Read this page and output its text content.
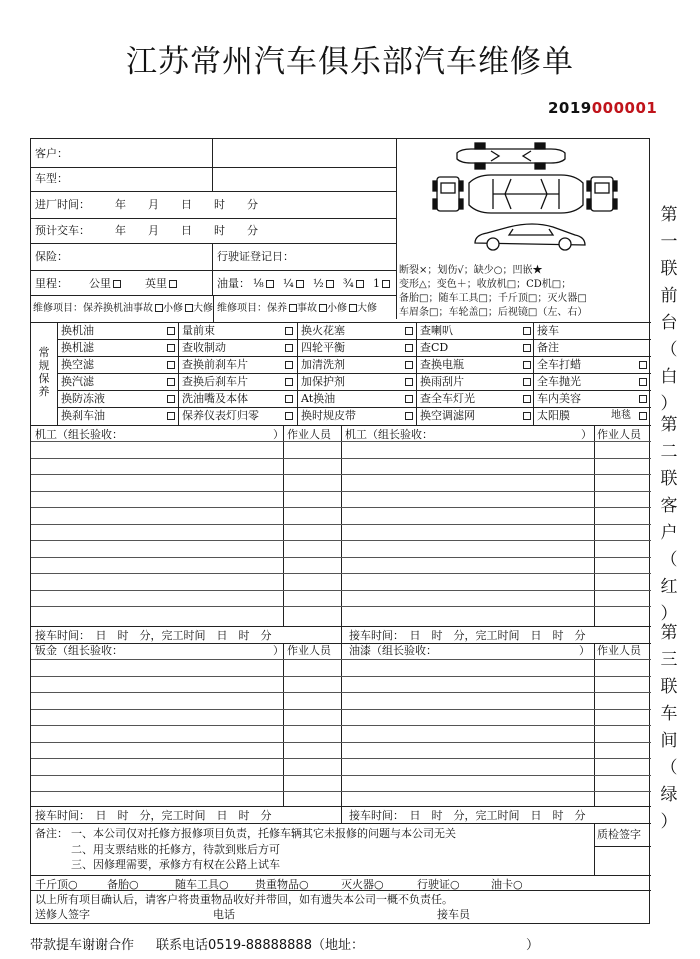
江苏常州汽车俱乐部汽车维修单
2019000001
客户：
车型：
进厂时间： 年　　月　　日　　时　　分
预计交车： 年　　月　　日　　时　　分
保险：	行驶证登记日：
里程： 公里	英里	油量： ⅛	¼	½	¾	1
维修项目：保养换机油事故 小修 大修 维修项目：保养 事故 小修 大修
断裂×；划伤√；缺少○；凹嵌★
变形△；变色＋；收放机□；CD机□；
备胎□；随车工具□；千斤顶□；灭火器□
车眉条□；车轮盖□；后视镜□（左、右）
常规保养
换机油	量前束	换火花塞	查喇叭	接车
换机滤	查收制动	四轮平衡	查CD	备注
换空滤	查换前刹车片	加清洗剂	查换电瓶	全车打蜡
换汽滤	查换后刹车片	加保护剂	换雨刮片	全车抛光
换防冻液	洗油嘴及本体	At换油	查全车灯光	车内美容
换刹车油	保养仪表灯归零	换时规皮带	换空调滤网	太阳膜	地毯
机工（组长验收：	） 作业人员 机工（组长验收：	） 作业人员
接车时间：　日　时　分，完工时间　日　时　分	接车时间：　日　时　分，完工时间　日　时　分
钣金（组长验收：	） 作业人员 油漆（组长验收：	） 作业人员
接车时间：　日　时　分，完工时间　日　时　分	接车时间：　日　时　分，完工时间　日　时　分
备注： 一、本公司仅对托修方报修项目负责，托修车辆其它未报修的问题与本公司无关
二、用支票结账的托修方，待款到账后方可
三、因修理需要，承修方有权在公路上试车
质检签字
千斤顶○	备胎○	随车工具○ 贵重物品○	灭火器○	行驶证○	油卡○
以上所有项目确认后，请客户将贵重物品收好并带回，如有遗失本公司一概不负责任。
送修人签字	电话	接车员
第
一
联
前
台
（
白
）
第
二
联
客
户
（
红
）
第
三
联
车
间
（
绿
）
带款提车谢谢合作 联系电话0519-88888888（地址：	）
